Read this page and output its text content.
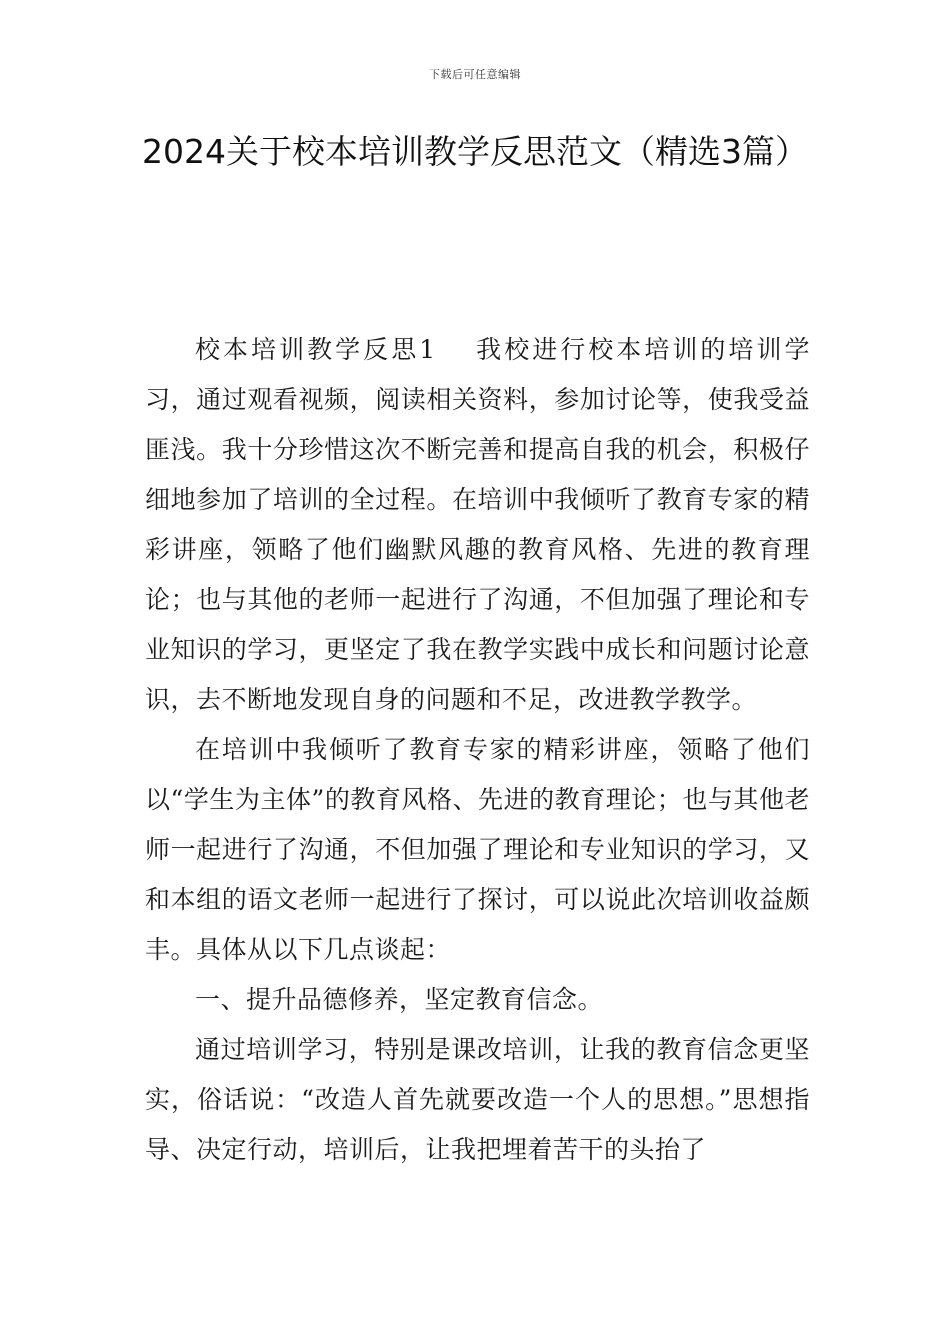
下载后可任意编辑
2024关于校本培训教学反思范文（精选3篇）

校本培训教学反思1 我校进行校本培训的培训学习，通过观看视频，阅读相关资料，参加讨论等，使我受益匪浅。我十分珍惜这次不断完善和提高自我的机会，积极仔细地参加了培训的全过程。在培训中我倾听了教育专家的精彩讲座，领略了他们幽默风趣的教育风格、先进的教育理论；也与其他的老师一起进行了沟通，不但加强了理论和专业知识的学习，更坚定了我在教学实践中成长和问题讨论意识，去不断地发现自身的问题和不足，改进教学教学。

在培训中我倾听了教育专家的精彩讲座，领略了他们以“学生为主体”的教育风格、先进的教育理论；也与其他老师一起进行了沟通，不但加强了理论和专业知识的学习，又和本组的语文老师一起进行了探讨，可以说此次培训收益颇丰。具体从以下几点谈起：

一、提升品德修养，坚定教育信念。

通过培训学习，特别是课改培训，让我的教育信念更坚实，俗话说：“改造人首先就要改造一个人的思想。”思想指导、决定行动，培训后，让我把埋着苦干的头抬了
